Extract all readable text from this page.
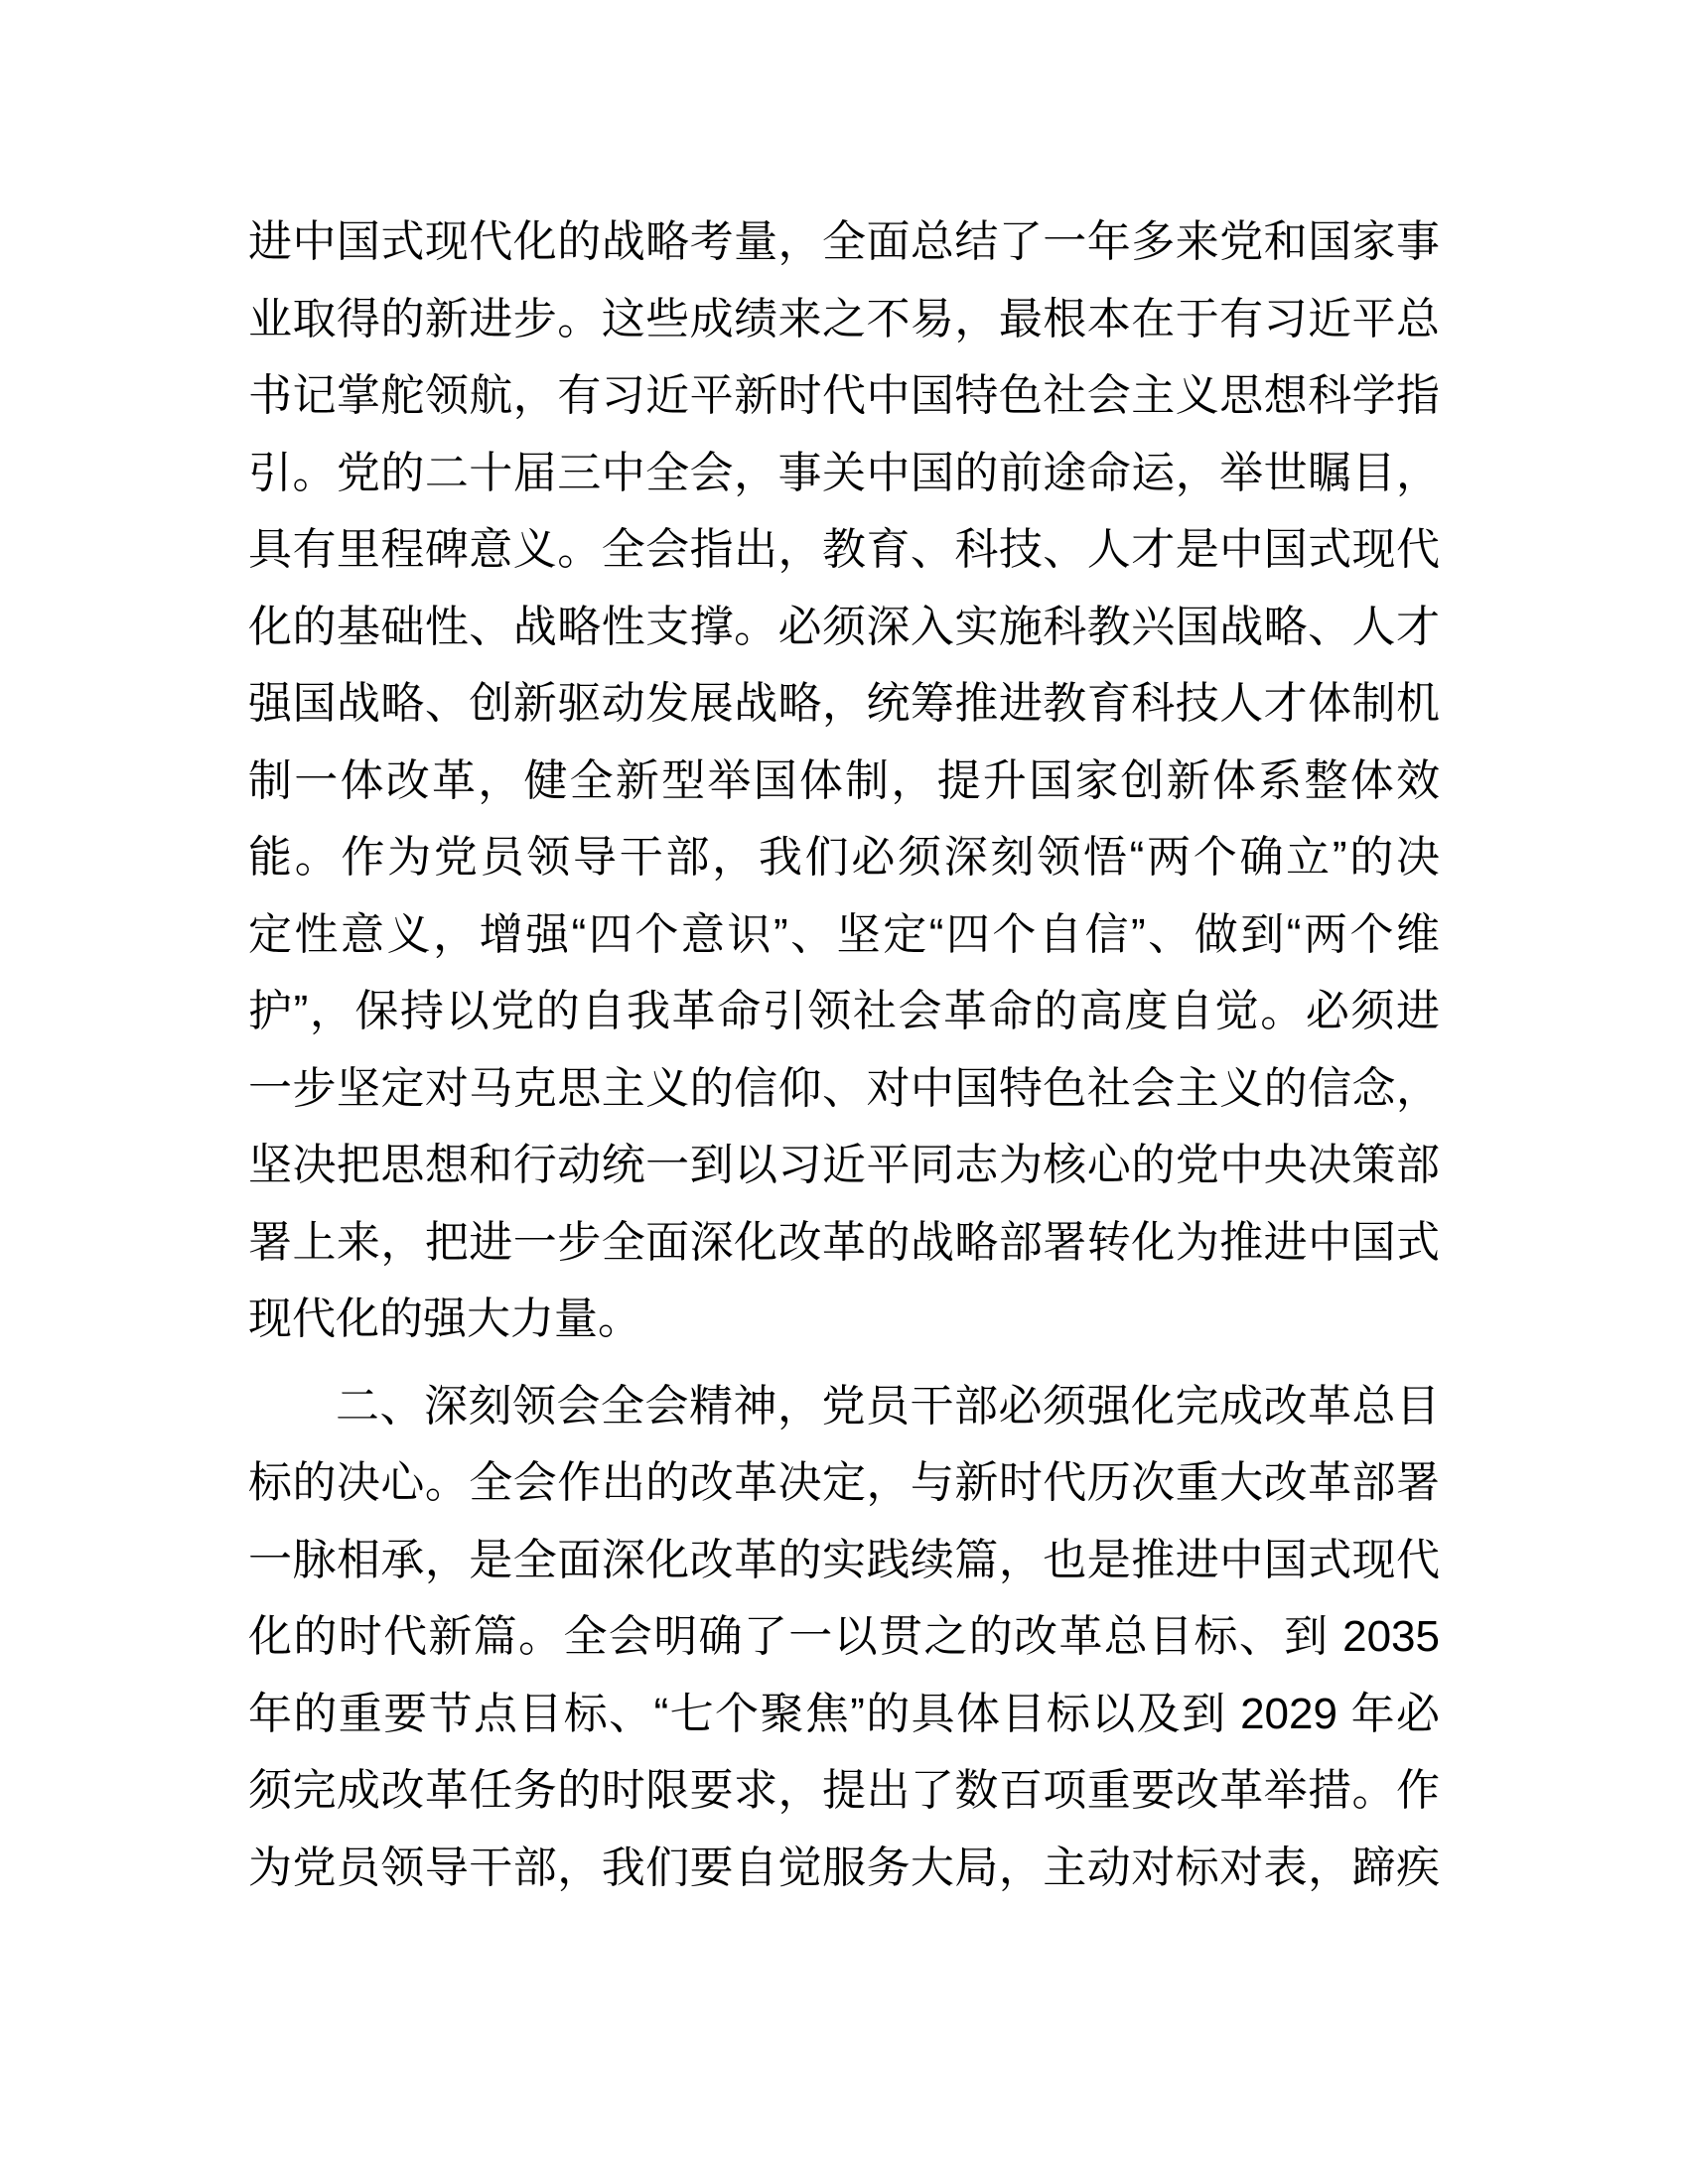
进中国式现代化的战略考量，全面总结了一年多来党和国家事
业取得的新进步。这些成绩来之不易，最根本在于有习近平总
书记掌舵领航，有习近平新时代中国特色社会主义思想科学指
引。党的二十届三中全会，事关中国的前途命运，举世瞩目，
具有里程碑意义。全会指出，教育、科技、人才是中国式现代
化的基础性、战略性支撑。必须深入实施科教兴国战略、人才
强国战略、创新驱动发展战略，统筹推进教育科技人才体制机
制一体改革，健全新型举国体制，提升国家创新体系整体效
能。作为党员领导干部，我们必须深刻领悟“两个确立”的决
定性意义，增强“四个意识”、坚定“四个自信”、做到“两个维
护”，保持以党的自我革命引领社会革命的高度自觉。必须进
一步坚定对马克思主义的信仰、对中国特色社会主义的信念，
坚决把思想和行动统一到以习近平同志为核心的党中央决策部
署上来，把进一步全面深化改革的战略部署转化为推进中国式
现代化的强大力量。
二、深刻领会全会精神，党员干部必须强化完成改革总目
标的决心。全会作出的改革决定，与新时代历次重大改革部署
一脉相承，是全面深化改革的实践续篇，也是推进中国式现代
化的时代新篇。全会明确了一以贯之的改革总目标、到 2035
年的重要节点目标、“七个聚焦”的具体目标以及到 2029 年必
须完成改革任务的时限要求，提出了数百项重要改革举措。作
为党员领导干部，我们要自觉服务大局，主动对标对表，蹄疾
